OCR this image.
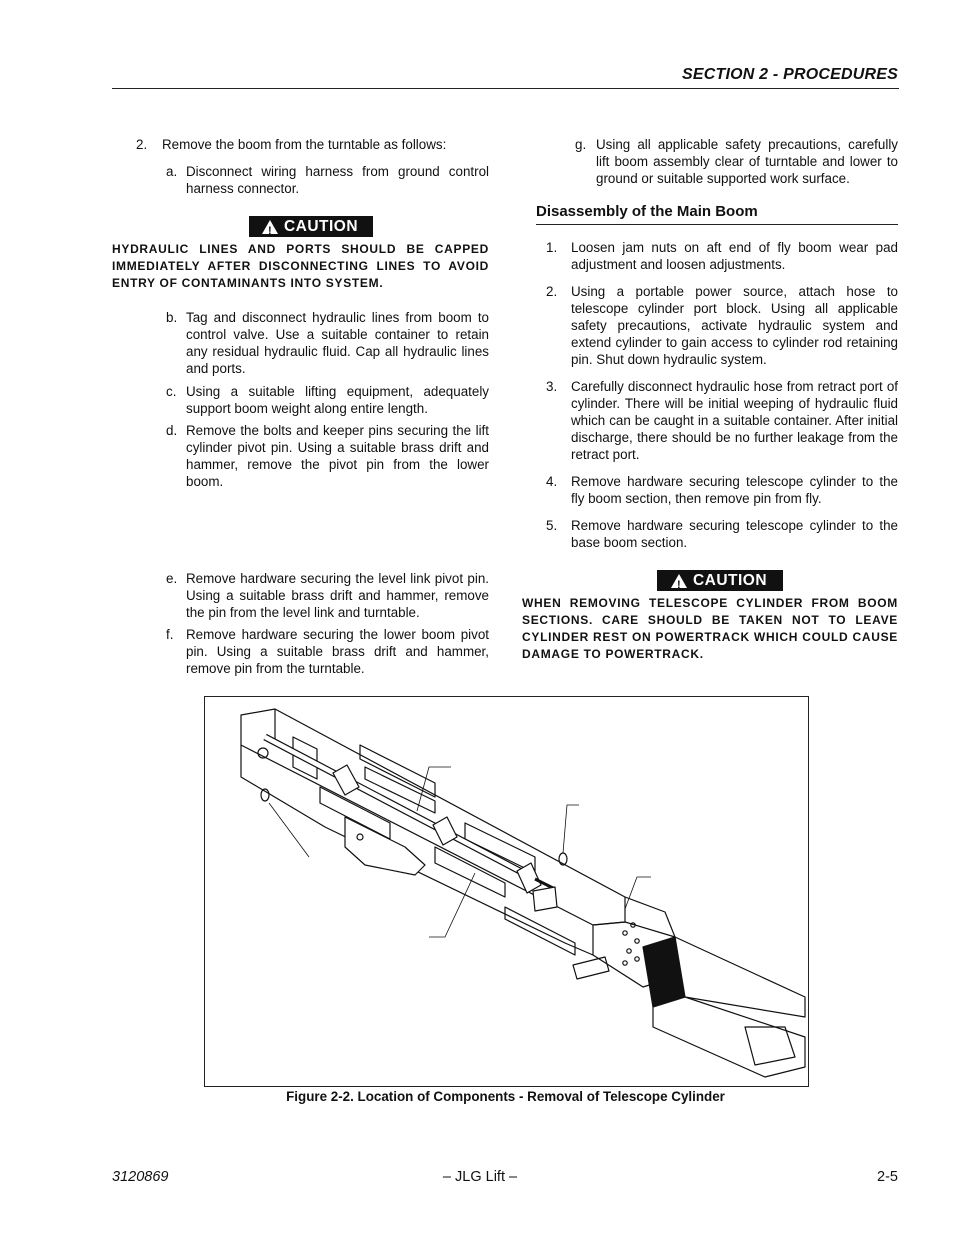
SECTION 2 - PROCEDURES
2. Remove the boom from the turntable as follows:
a. Disconnect wiring harness from ground control harness connector.
!
CAUTION
HYDRAULIC LINES AND PORTS SHOULD BE CAPPED IMMEDIATELY AFTER DISCONNECTING LINES TO AVOID ENTRY OF CONTAMINANTS INTO SYSTEM.
b. Tag and disconnect hydraulic lines from boom to control valve. Use a suitable container to retain any residual hydraulic fluid. Cap all hydraulic lines and ports.
c. Using a suitable lifting equipment, adequately support boom weight along entire length.
d. Remove the bolts and keeper pins securing the lift cylinder pivot pin. Using a suitable brass drift and hammer, remove the pivot pin from the lower boom.
e. Remove hardware securing the level link pivot pin. Using a suitable brass drift and hammer, remove the pin from the level link and turntable.
f. Remove hardware securing the lower boom pivot pin. Using a suitable brass drift and hammer, remove pin from the turntable.
g. Using all applicable safety precautions, carefully lift boom assembly clear of turntable and lower to ground or suitable supported work surface.
Disassembly of the Main Boom
1. Loosen jam nuts on aft end of fly boom wear pad adjustment and loosen adjustments.
2. Using a portable power source, attach hose to telescope cylinder port block. Using all applicable safety precautions, activate hydraulic system and extend cylinder to gain access to cylinder rod retaining pin. Shut down hydraulic system.
3. Carefully disconnect hydraulic hose from retract port of cylinder. There will be initial weeping of hydraulic fluid which can be caught in a suitable container. After initial discharge, there should be no further leakage from the retract port.
4. Remove hardware securing telescope cylinder to the fly boom section, then remove pin from fly.
5. Remove hardware securing telescope cylinder to the base boom section.
!
CAUTION
WHEN REMOVING TELESCOPE CYLINDER FROM BOOM SECTIONS. CARE SHOULD BE TAKEN NOT TO LEAVE CYLINDER REST ON POWERTRACK WHICH COULD CAUSE DAMAGE TO POWERTRACK.
Figure 2-2. Location of Components - Removal of Telescope Cylinder
3120869	– JLG Lift –	2-5
